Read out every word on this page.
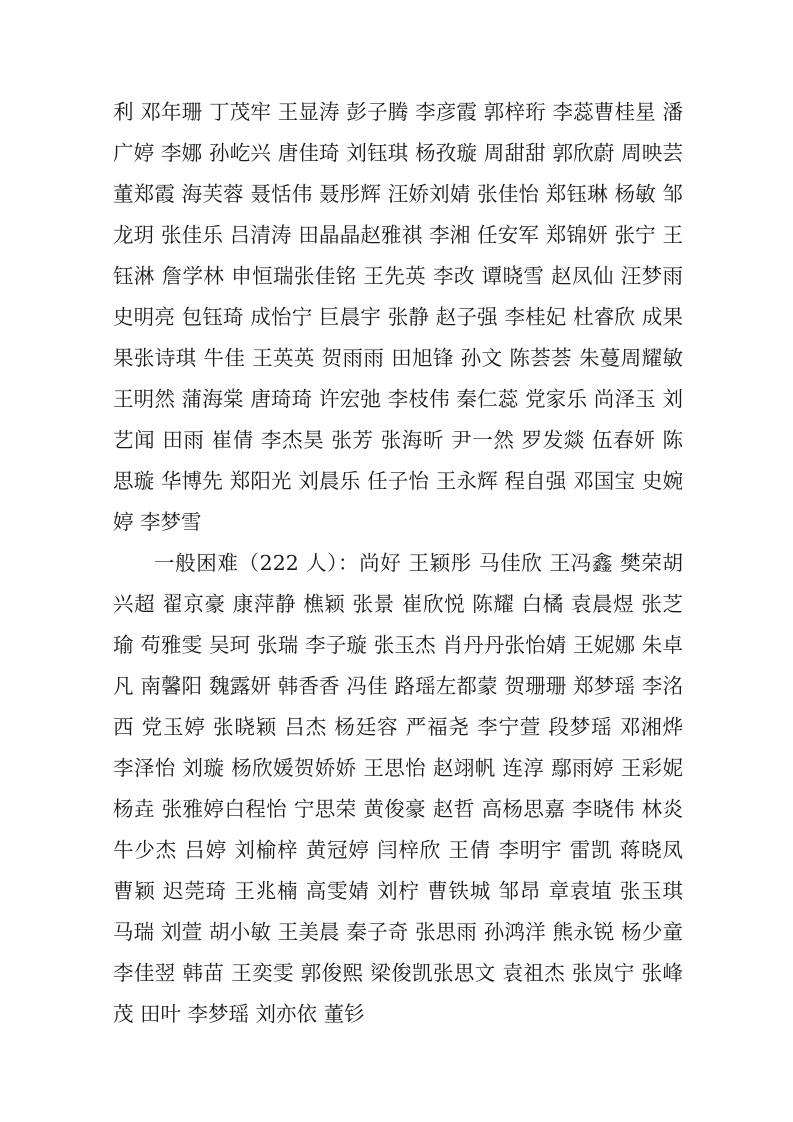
利 邓年珊 丁茂牢 王显涛 彭子腾 李彦霞 郭梓珩 李蕊曹桂星 潘广婷 李娜 孙屹兴 唐佳琦 刘钰琪 杨孜璇 周甜甜 郭欣蔚 周映芸 董郑霞 海芙蓉 聂恬伟 聂彤辉 汪娇刘婧 张佳怡 郑钰琳 杨敏 邹龙玥 张佳乐 吕清涛 田晶晶赵雅祺 李湘 任安军 郑锦妍 张宁 王钰淋 詹学林 申恒瑞张佳铭 王先英 李改 谭晓雪 赵凤仙 汪梦雨 史明亮 包钰琦 成怡宁 巨晨宇 张静 赵子强 李桂妃 杜睿欣 成果果张诗琪 牛佳 王英英 贺雨雨 田旭锋 孙文 陈荟荟 朱蔓周耀敏 王明然 蒲海棠 唐琦琦 许宏弛 李枝伟 秦仁蕊 党家乐 尚泽玉 刘艺闻 田雨 崔倩 李杰昊 张芳 张海昕 尹一然 罗发燚 伍春妍 陈思璇 华博先 郑阳光 刘晨乐 任子怡 王永辉 程自强 邓国宝 史婉婷 李梦雪

一般困难（222 人）：尚好 王颖彤 马佳欣 王冯鑫 樊荣胡兴超 翟京豪 康萍静 樵颖 张景 崔欣悦 陈耀 白橘 袁晨煜 张芝瑜 苟雅雯 吴珂 张瑞 李子璇 张玉杰 肖丹丹张怡婧 王妮娜 朱卓凡 南馨阳 魏露妍 韩香香 冯佳 路瑶左都蒙 贺珊珊 郑梦瑶 李洺西 党玉婷 张晓颖 吕杰 杨廷容 严福尧 李宁萱 段梦瑶 邓湘烨 李泽怡 刘璇 杨欣媛贺娇娇 王思怡 赵翊帆 连淳 鄢雨婷 王彩妮 杨垚 张雅婷白程怡 宁思荣 黄俊豪 赵哲 高杨思嘉 李晓伟 林炎 牛少杰 吕婷 刘榆梓 黄冠婷 闫梓欣 王倩 李明宇 雷凯 蒋晓凤 曹颖 迟莞琦 王兆楠 高雯婧 刘柠 曹铁城 邹昂 章袁埴 张玉琪 马瑞 刘萱 胡小敏 王美晨 秦子奇 张思雨 孙鸿洋 熊永锐 杨少童 李佳翌 韩苗 王奕雯 郭俊熙 梁俊凯张思文 袁祖杰 张岚宁 张峰茂 田叶 李梦瑶 刘亦依 董钐
